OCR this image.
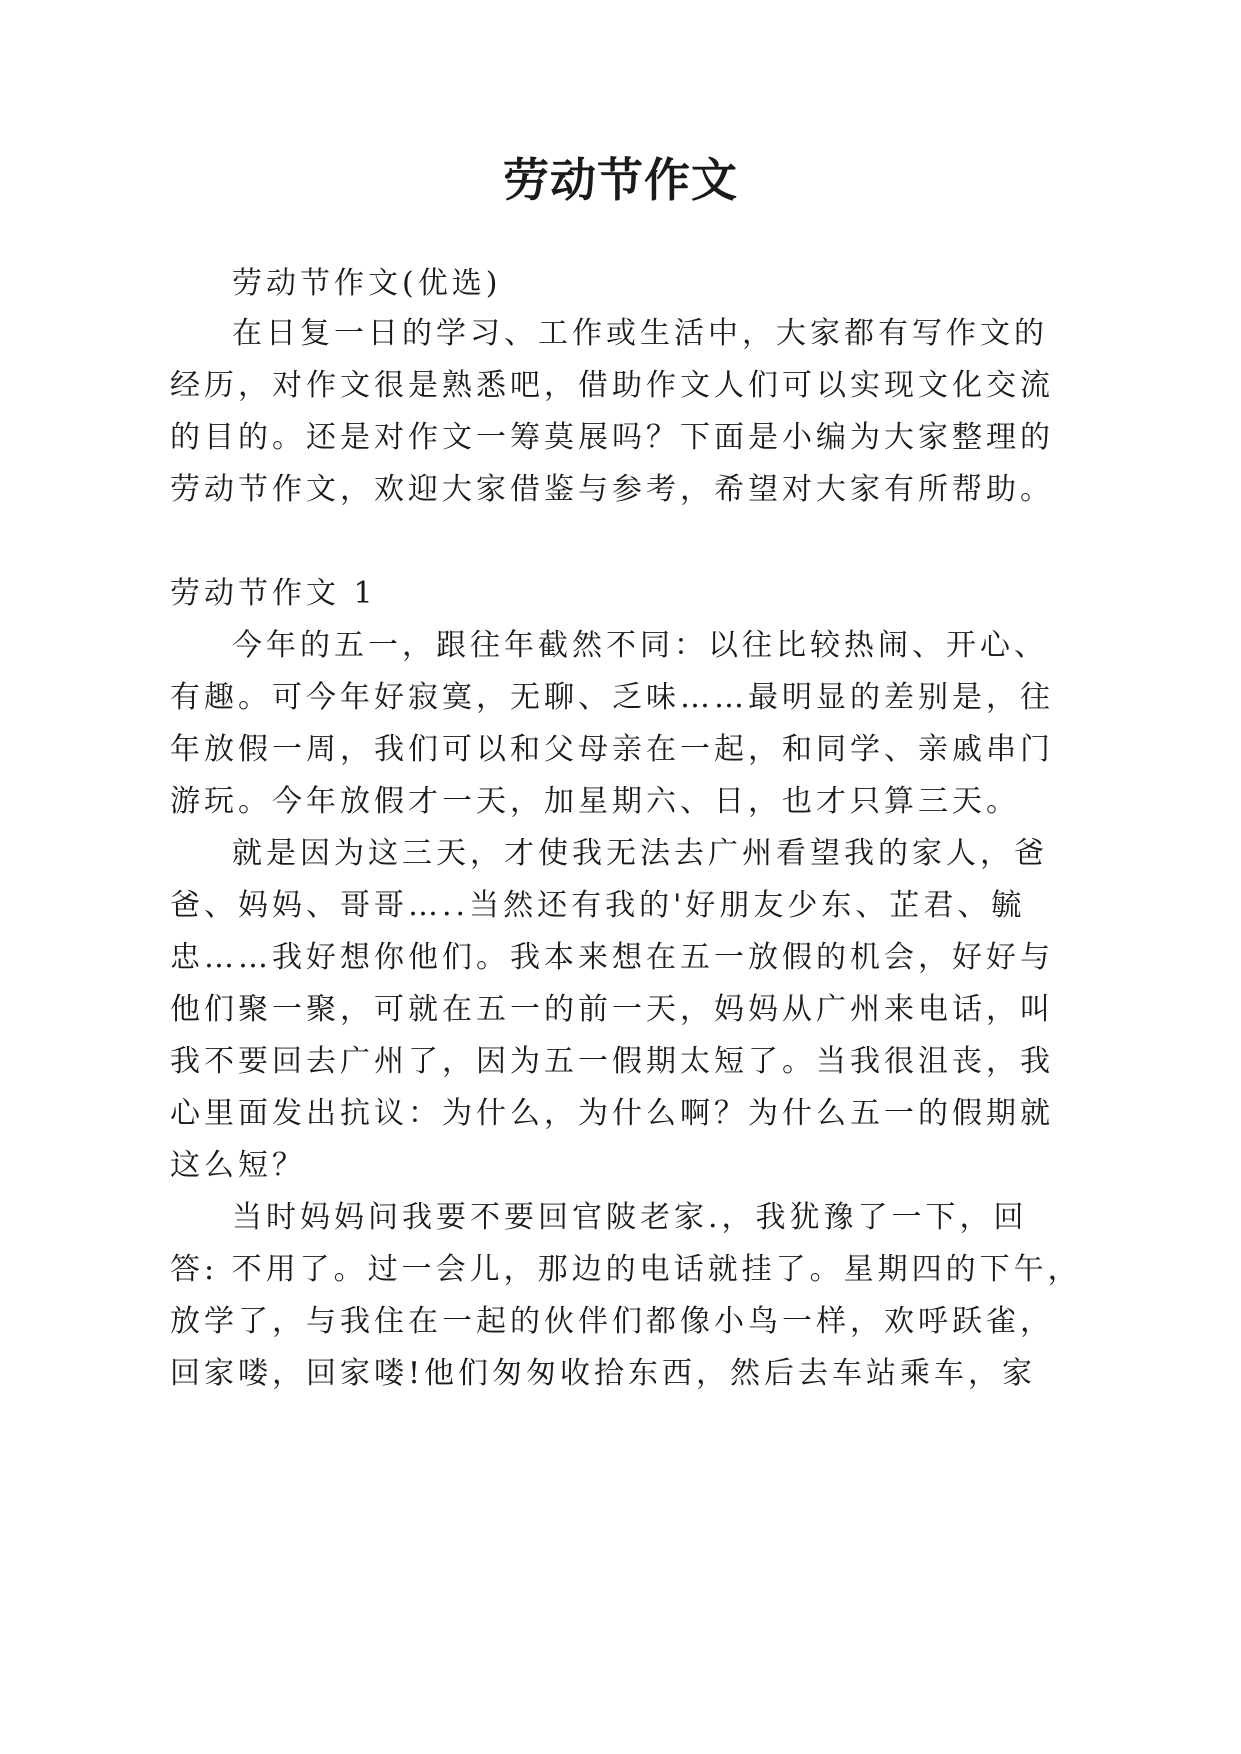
劳动节作文
劳动节作文(优选)
在日复一日的学习、工作或生活中，大家都有写作文的
经历，对作文很是熟悉吧，借助作文人们可以实现文化交流
的目的。还是对作文一筹莫展吗？下面是小编为大家整理的
劳动节作文，欢迎大家借鉴与参考，希望对大家有所帮助。
劳动节作文 1
今年的五一，跟往年截然不同：以往比较热闹、开心、
有趣。可今年好寂寞，无聊、乏味……最明显的差别是，往
年放假一周，我们可以和父母亲在一起，和同学、亲戚串门
游玩。今年放假才一天，加星期六、日，也才只算三天。
就是因为这三天，才使我无法去广州看望我的家人，爸
爸、妈妈、哥哥…..当然还有我的'好朋友少东、芷君、毓
忠……我好想你他们。我本来想在五一放假的机会，好好与
他们聚一聚，可就在五一的前一天，妈妈从广州来电话，叫
我不要回去广州了，因为五一假期太短了。当我很沮丧，我
心里面发出抗议：为什么，为什么啊？为什么五一的假期就
这么短？
当时妈妈问我要不要回官陂老家.，我犹豫了一下，回
答: 不用了。过一会儿，那边的电话就挂了。星期四的下午，
放学了，与我住在一起的伙伴们都像小鸟一样，欢呼跃雀，
回家喽，回家喽!他们匆匆收拾东西，然后去车站乘车，家
